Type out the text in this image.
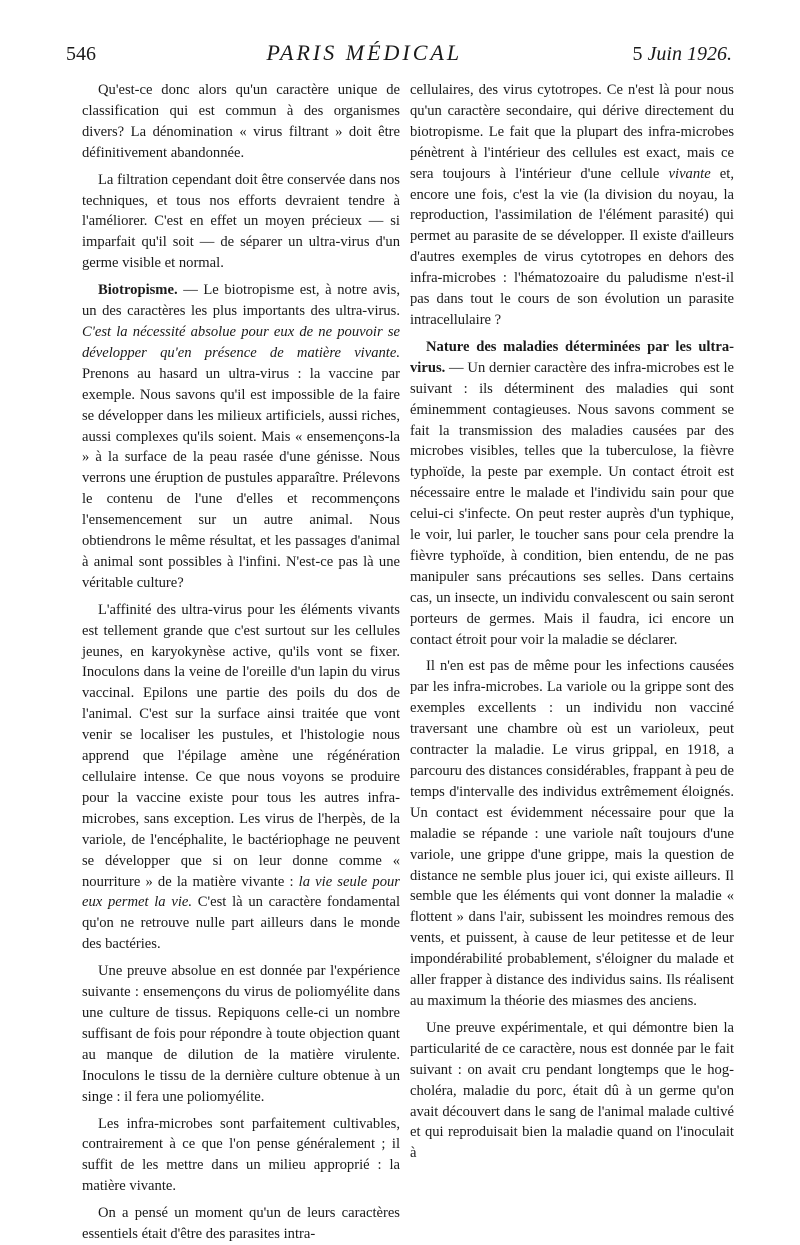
546	PARIS MÉDICAL	5 Juin 1926.

Qu'est-ce donc alors qu'un caractère unique de classification qui est commun à des organismes divers? La dénomination « virus filtrant » doit être définitivement abandonnée.

La filtration cependant doit être conservée dans nos techniques, et tous nos efforts devraient tendre à l'améliorer. C'est en effet un moyen précieux — si imparfait qu'il soit — de séparer un ultra-virus d'un germe visible et normal.

Biotropisme. — Le biotropisme est, à notre avis, un des caractères les plus importants des ultra-virus. C'est la nécessité absolue pour eux de ne pouvoir se développer qu'en présence de matière vivante. Prenons au hasard un ultra-virus : la vaccine par exemple. Nous savons qu'il est impossible de la faire se développer dans les milieux artificiels, aussi riches, aussi complexes qu'ils soient. Mais « ensemençons-la » à la surface de la peau rasée d'une génisse. Nous verrons une éruption de pustules apparaître. Prélevons le contenu de l'une d'elles et recommençons l'ensemencement sur un autre animal. Nous obtiendrons le même résultat, et les passages d'animal à animal sont possibles à l'infini. N'est-ce pas là une véritable culture?

L'affinité des ultra-virus pour les éléments vivants est tellement grande que c'est surtout sur les cellules jeunes, en karyokynèse active, qu'ils vont se fixer. Inoculons dans la veine de l'oreille d'un lapin du virus vaccinal. Epilons une partie des poils du dos de l'animal. C'est sur la surface ainsi traitée que vont venir se localiser les pustules, et l'histologie nous apprend que l'épilage amène une régénération cellulaire intense. Ce que nous voyons se produire pour la vaccine existe pour tous les autres infra-microbes, sans exception. Les virus de l'herpès, de la variole, de l'encéphalite, le bactériophage ne peuvent se développer que si on leur donne comme « nourriture » de la matière vivante : la vie seule pour eux permet la vie. C'est là un caractère fondamental qu'on ne retrouve nulle part ailleurs dans le monde des bactéries.

Une preuve absolue en est donnée par l'expérience suivante : ensemençons du virus de poliomyélite dans une culture de tissus. Repiquons celle-ci un nombre suffisant de fois pour répondre à toute objection quant au manque de dilution de la matière virulente. Inoculons le tissu de la dernière culture obtenue à un singe : il fera une poliomyélite.

Les infra-microbes sont parfaitement cultivables, contrairement à ce que l'on pense généralement ; il suffit de les mettre dans un milieu approprié : la matière vivante.

On a pensé un moment qu'un de leurs caractères essentiels était d'être des parasites intra-

cellulaires, des virus cytotropes. Ce n'est là pour nous qu'un caractère secondaire, qui dérive directement du biotropisme. Le fait que la plupart des infra-microbes pénètrent à l'intérieur des cellules est exact, mais ce sera toujours à l'intérieur d'une cellule vivante et, encore une fois, c'est la vie (la division du noyau, la reproduction, l'assimilation de l'élément parasité) qui permet au parasite de se développer. Il existe d'ailleurs d'autres exemples de virus cytotropes en dehors des infra-microbes : l'hématozoaire du paludisme n'est-il pas dans tout le cours de son évolution un parasite intracellulaire ?

Nature des maladies déterminées par les ultra-virus. — Un dernier caractère des infra-microbes est le suivant : ils déterminent des maladies qui sont éminemment contagieuses. Nous savons comment se fait la transmission des maladies causées par des microbes visibles, telles que la tuberculose, la fièvre typhoïde, la peste par exemple. Un contact étroit est nécessaire entre le malade et l'individu sain pour que celui-ci s'infecte. On peut rester auprès d'un typhique, le voir, lui parler, le toucher sans pour cela prendre la fièvre typhoïde, à condition, bien entendu, de ne pas manipuler sans précautions ses selles. Dans certains cas, un insecte, un individu convalescent ou sain seront porteurs de germes. Mais il faudra, ici encore un contact étroit pour voir la maladie se déclarer.

Il n'en est pas de même pour les infections causées par les infra-microbes. La variole ou la grippe sont des exemples excellents : un individu non vacciné traversant une chambre où est un varioleux, peut contracter la maladie. Le virus grippal, en 1918, a parcouru des distances considérables, frappant à peu de temps d'intervalle des individus extrêmement éloignés. Un contact est évidemment nécessaire pour que la maladie se répande : une variole naît toujours d'une variole, une grippe d'une grippe, mais la question de distance ne semble plus jouer ici, qui existe ailleurs. Il semble que les éléments qui vont donner la maladie « flottent » dans l'air, subissent les moindres remous des vents, et puissent, à cause de leur petitesse et de leur impondérabilité probablement, s'éloigner du malade et aller frapper à distance des individus sains. Ils réalisent au maximum la théorie des miasmes des anciens.

Une preuve expérimentale, et qui démontre bien la particularité de ce caractère, nous est donnée par le fait suivant : on avait cru pendant longtemps que le hog-choléra, maladie du porc, était dû à un germe qu'on avait découvert dans le sang de l'animal malade cultivé et qui reproduisait bien la maladie quand on l'inoculait à
